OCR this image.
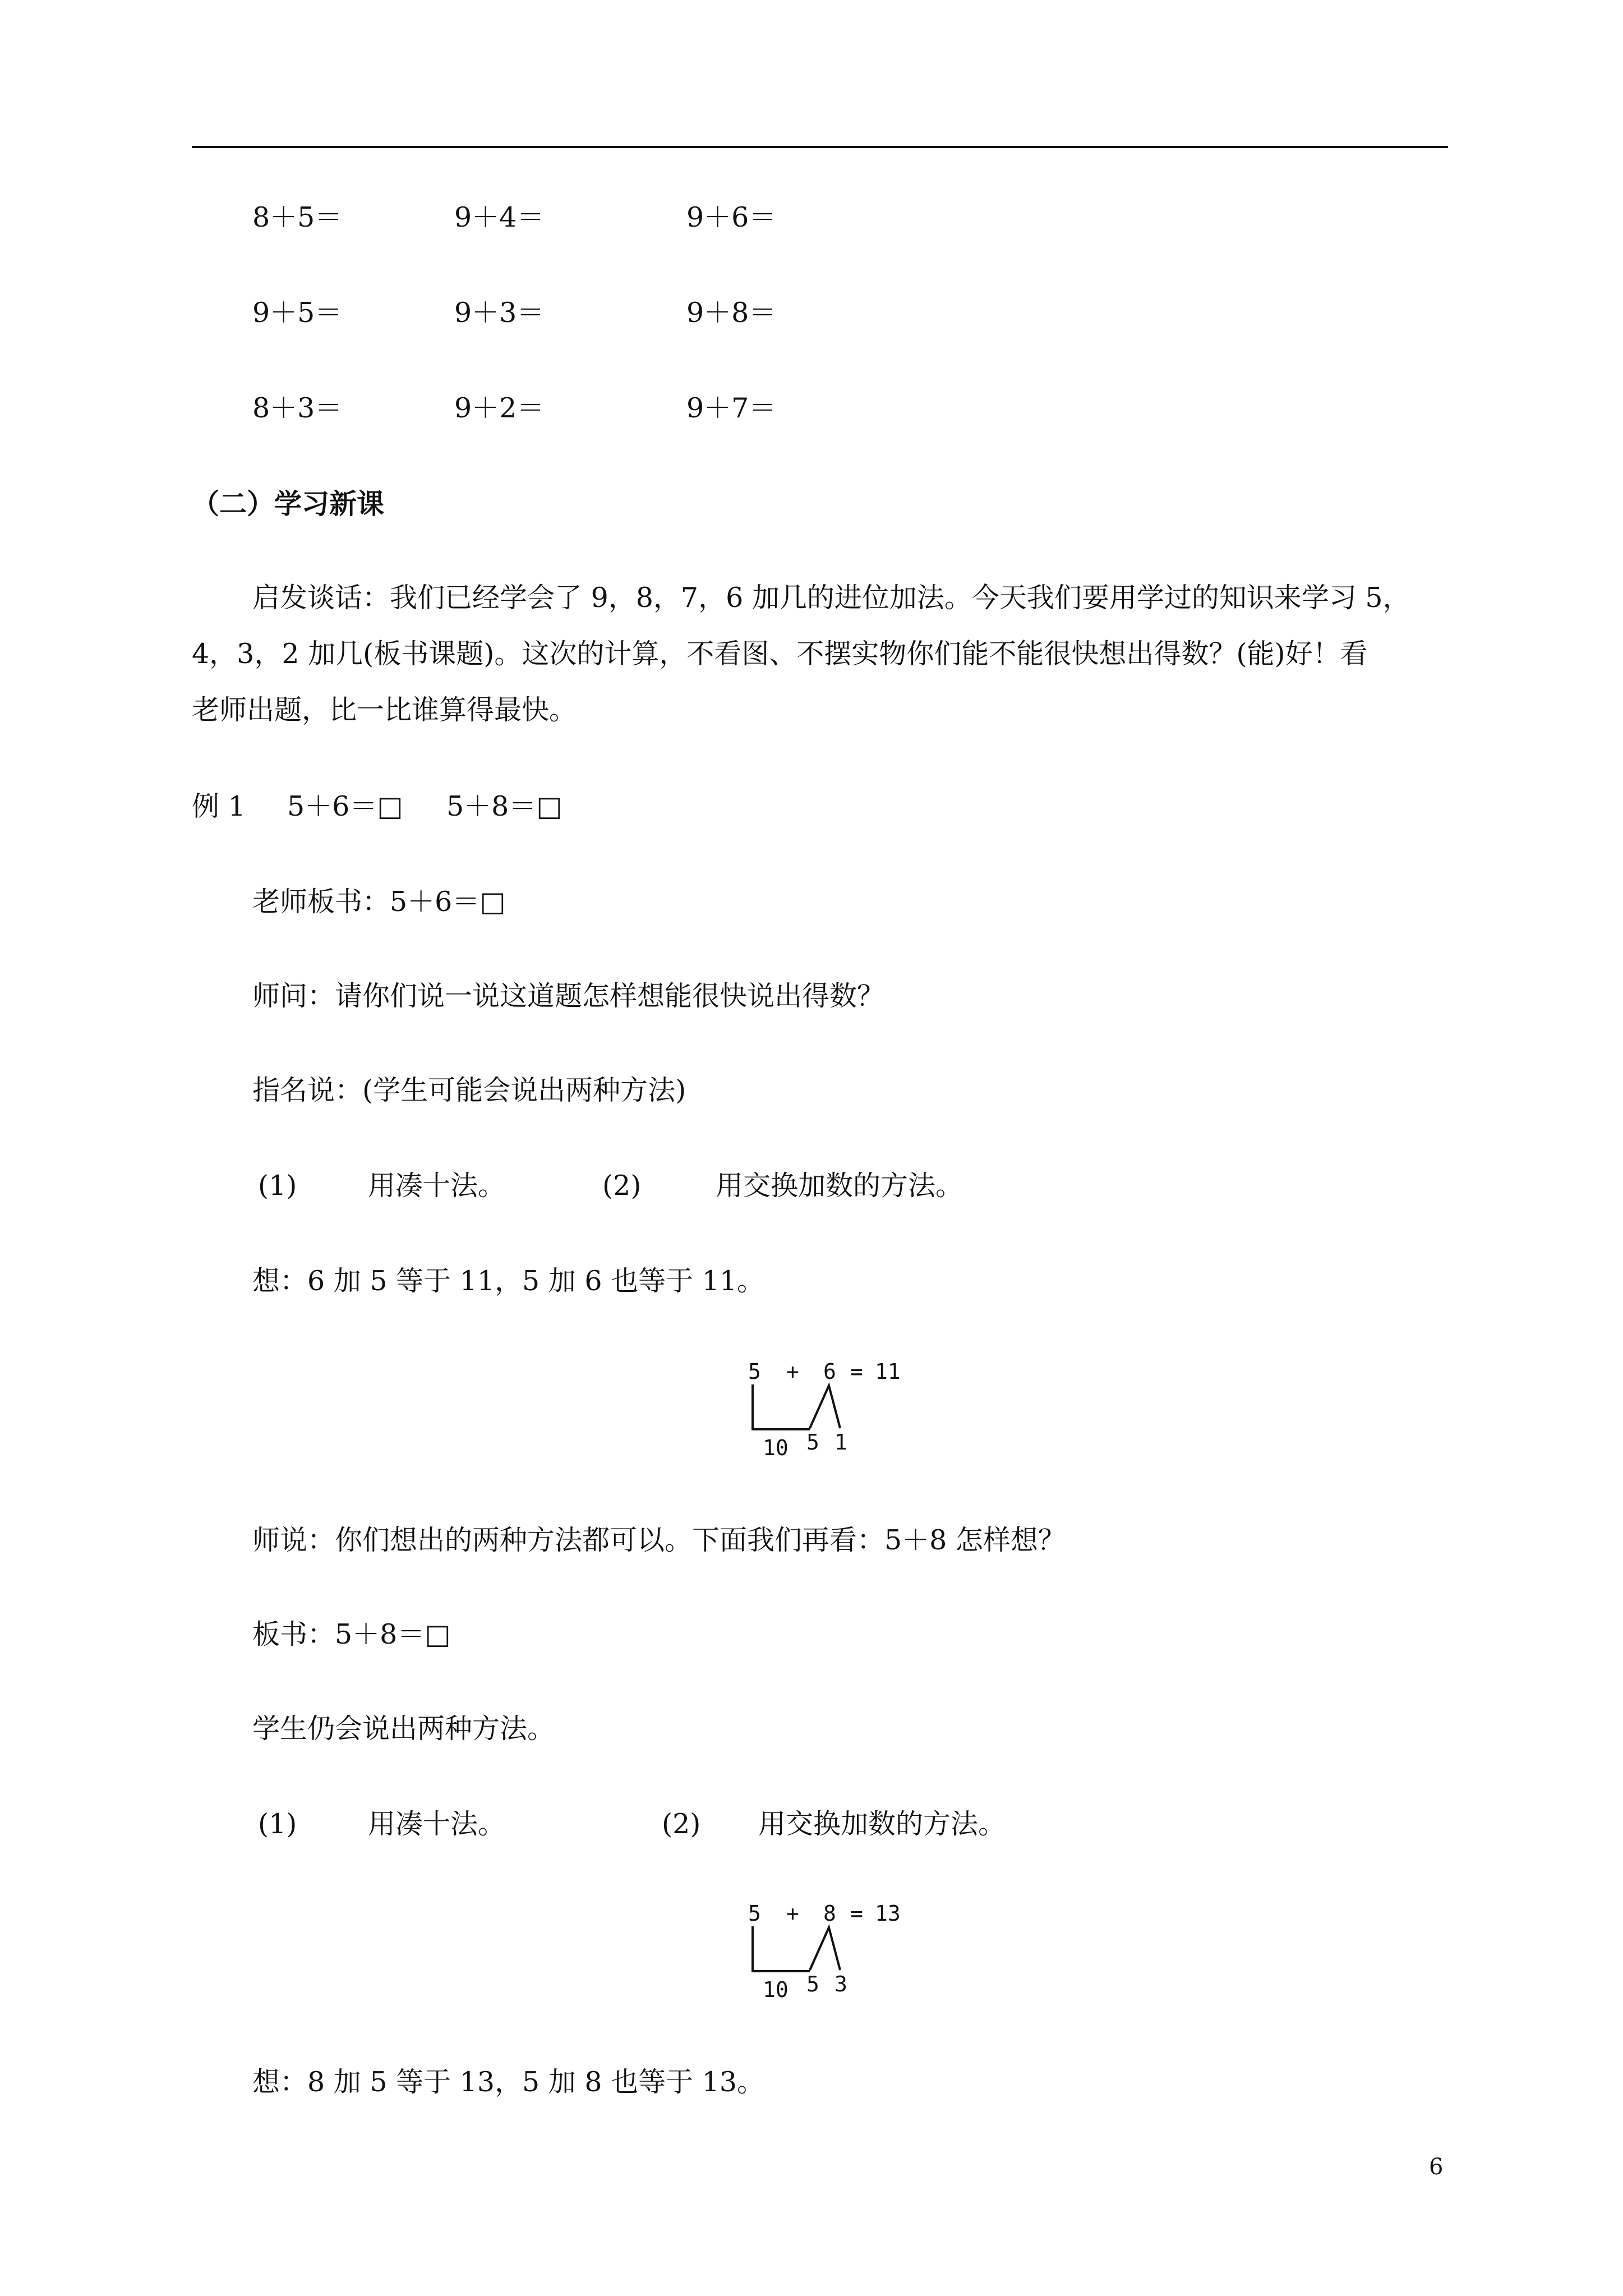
8＋5＝	9＋4＝	9＋6＝
9＋5＝	9＋3＝	9＋8＝
8＋3＝	9＋2＝	9＋7＝
（二）学习新课
启发谈话：我们已经学会了 9，8，7，6 加几的进位加法。今天我们要用学过的知识来学习 5，
4，3，2 加几(板书课题)。这次的计算，不看图、不摆实物你们能不能很快想出得数？(能)好！看
老师出题，比一比谁算得最快。
例 1 5＋6＝□ 5＋8＝□
老师板书：5＋6＝□
师问：请你们说一说这道题怎样想能很快说出得数？
指名说：(学生可能会说出两种方法)
(1)	用凑十法。	(2)	用交换加数的方法。
想：6 加 5 等于 11，5 加 6 也等于 11。
5 + 6 = 11
10 5 1
师说：你们想出的两种方法都可以。下面我们再看：5＋8 怎样想？
板书：5＋8＝□
学生仍会说出两种方法。
(1)	用凑十法。	(2) 用交换加数的方法。
5 + 8 = 13
10 5 3
想：8 加 5 等于 13，5 加 8 也等于 13。
6
